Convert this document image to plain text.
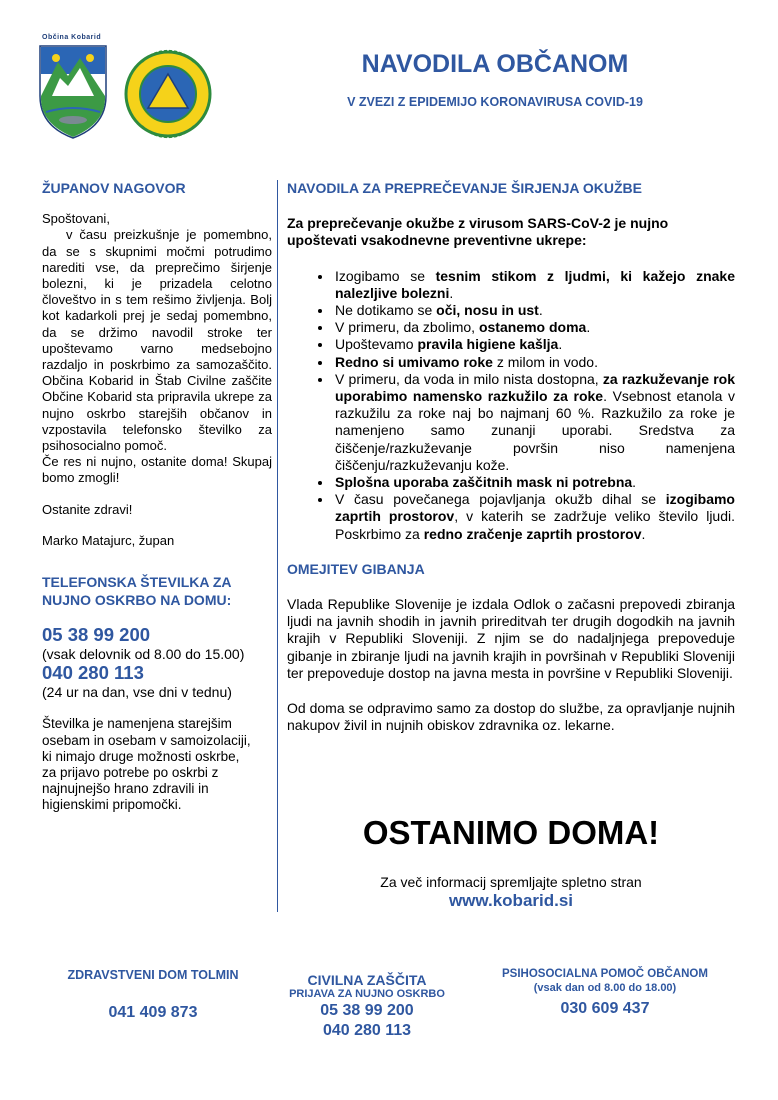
Občina Kobarid
NAVODILA OBČANOM
V ZVEZI Z EPIDEMIJO KORONAVIRUSA COVID-19

ŽUPANOV NAGOVOR

Spoštovani,

v času preizkušnje je pomembno, da se s skupnimi močmi potrudimo narediti vse, da preprečimo širjenje bolezni, ki je prizadela celotno človeštvo in s tem rešimo življenja. Bolj kot kadarkoli prej je sedaj pomembno, da se držimo navodil stroke ter upoštevamo varno medsebojno razdaljo in poskrbimo za samozaščito. Občina Kobarid in Štab Civilne zaščite Občine Kobarid sta pripravila ukrepe za nujno oskrbo starejših občanov in vzpostavila telefonsko številko za psihosocialno pomoč.

Če res ni nujno, ostanite doma! Skupaj bomo zmogli!

Ostanite zdravi!

Marko Matajurc, župan

TELEFONSKA ŠTEVILKA ZA NUJNO OSKRBO NA DOMU:

05 38 99 200
(vsak delovnik od 8.00 do 15.00)
040 280 113
(24 ur na dan, vse dni v tednu)

Številka je namenjena starejšim osebam in osebam v samoizolaciji, ki nimajo druge možnosti oskrbe, za prijavo potrebe po oskrbi z najnujnejšo hrano zdravili in higienskimi pripomočki.

NAVODILA ZA PREPREČEVANJE ŠIRJENJA OKUŽBE

Za preprečevanje okužbe z virusom SARS-CoV-2 je nujno upoštevati vsakodnevne preventivne ukrepe:

• Izogibamo se tesnim stikom z ljudmi, ki kažejo znake nalezljive bolezni.
• Ne dotikamo se oči, nosu in ust.
• V primeru, da zbolimo, ostanemo doma.
• Upoštevamo pravila higiene kašlja.
• Redno si umivamo roke z milom in vodo.
• V primeru, da voda in milo nista dostopna, za razkuževanje rok uporabimo namensko razkužilo za roke. Vsebnost etanola v razkužilu za roke naj bo najmanj 60 %. Razkužilo za roke je namenjeno samo zunanji uporabi. Sredstva za čiščenje/razkuževanje površin niso namenjena čiščenju/razkuževanju kože.
• Splošna uporaba zaščitnih mask ni potrebna.
• V času povečanega pojavljanja okužb dihal se izogibamo zaprtih prostorov, v katerih se zadržuje veliko število ljudi. Poskrbimo za redno zračenje zaprtih prostorov.

OMEJITEV GIBANJA

Vlada Republike Slovenije je izdala Odlok o začasni prepovedi zbiranja ljudi na javnih shodih in javnih prireditvah ter drugih dogodkih na javnih krajih v Republiki Sloveniji. Z njim se do nadaljnjega prepoveduje gibanje in zbiranje ljudi na javnih krajih in površinah v Republiki Sloveniji ter prepoveduje dostop na javna mesta in površine v Republiki Sloveniji.

Od doma se odpravimo samo za dostop do službe, za opravljanje nujnih nakupov živil in nujnih obiskov zdravnika oz. lekarne.

OSTANIMO DOMA!
Za več informacij spremljajte spletno stran
www.kobarid.si
ZDRAVSTVENI DOM TOLMIN
041 409 873
CIVILNA ZAŠČITA
PRIJAVA ZA NUJNO OSKRBO
05 38 99 200
040 280 113
PSIHOSOCIALNA POMOČ OBČANOM
(vsak dan od 8.00 do 18.00)
030 609 437
